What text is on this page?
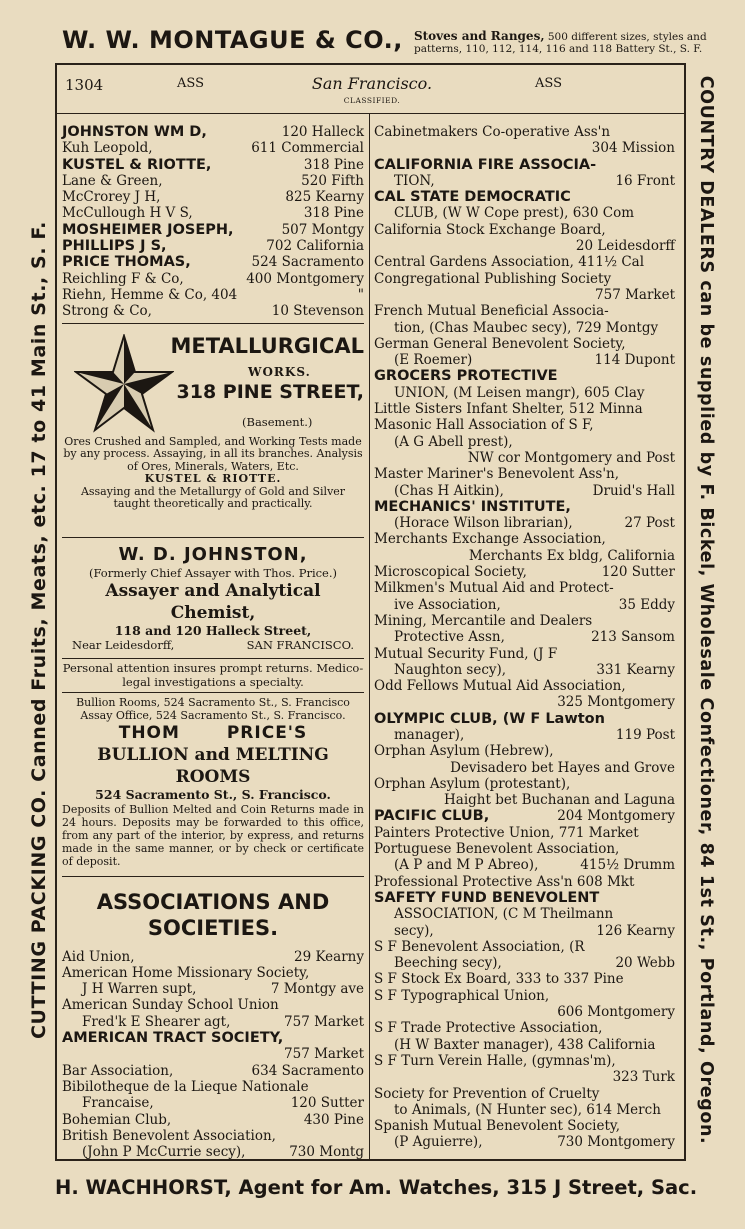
W. W. MONTAGUE & CO., Stoves and Ranges, 500 different sizes, styles and
patterns, 110, 112, 114, 116 and 118 Battery St., S. F.
CUTTING PACKING CO. Canned Fruits, Meats, etc. 17 to 41 Main St., S. F.	COUNTRY DEALERS can be supplied by F. Bickel, Wholesale Confectioner, 84 1st St., Portland, Oregon.
1304	ASS	San Francisco.	ASS
CLASSIFIED.
JOHNSTON WM D,	120 Halleck
Kuh Leopold,	611 Commercial
KUSTEL & RIOTTE,	318 Pine
Lane & Green,	520 Fifth
McCrorey J H,	825 Kearny
McCullough H V S,	318 Pine
MOSHEIMER JOSEPH,	507 Montgy
PHILLIPS J S,	702 California
PRICE THOMAS,	524 Sacramento
Reichling F & Co,	400 Montgomery
Riehn, Hemme & Co, 404	"
Strong & Co,	10 Stevenson
METALLURGICAL
WORKS.
318 PINE STREET,
(Basement.)
Ores Crushed and Sampled, and Working Tests made by any process. Assaying, in all its branches. Analysis of Ores, Minerals, Waters, Etc.
KUSTEL & RIOTTE.
Assaying and the Metallurgy of Gold and Silver taught theoretically and practically.
W. D. JOHNSTON,
(Formerly Chief Assayer with Thos. Price.)
Assayer and Analytical Chemist,
118 and 120 Halleck Street,
Near Leidesdorff,	SAN FRANCISCO.
Personal attention insures prompt returns. Medico-legal investigations a specialty.
Bullion Rooms, 524 Sacramento St., S. Francisco
Assay Office, 524 Sacramento St., S. Francisco.
THOM PRICE'S
BULLION and MELTING ROOMS
524 Sacramento St., S. Francisco.
Deposits of Bullion Melted and Coin Returns made in 24 hours. Deposits may be forwarded to this office, from any part of the interior, by express, and returns made in the same manner, or by check or certificate of deposit.
ASSOCIATIONS AND SOCIETIES.
Aid Union,	29 Kearny
American Home Missionary Society,
J H Warren supt,	7 Montgy ave
American Sunday School Union
Fred'k E Shearer agt,	757 Market
AMERICAN TRACT SOCIETY,
757 Market
Bar Association,	634 Sacramento
Bibilotheque de la Lieque Nationale
Francaise,	120 Sutter
Bohemian Club,	430 Pine
British Benevolent Association,
(John P McCurrie secy),	730 Montg
Cabinetmakers Co-operative Ass'n
304 Mission
CALIFORNIA FIRE ASSOCIA-
TION,	16 Front
CAL STATE DEMOCRATIC
CLUB, (W W Cope prest), 630 Com
California Stock Exchange Board,
20 Leidesdorff
Central Gardens Association, 411½ Cal
Congregational Publishing Society
757 Market
French Mutual Beneficial Associa-
tion, (Chas Maubec secy), 729 Montgy
German General Benevolent Society,
(E Roemer)	114 Dupont
GROCERS PROTECTIVE
UNION, (M Leisen mangr), 605 Clay
Little Sisters Infant Shelter, 512 Minna
Masonic Hall Association of S F,
(A G Abell prest),
NW cor Montgomery and Post
Master Mariner's Benevolent Ass'n,
(Chas H Aitkin),	Druid's Hall
MECHANICS' INSTITUTE,
(Horace Wilson librarian),	27 Post
Merchants Exchange Association,
Merchants Ex bldg, California
Microscopical Society,	120 Sutter
Milkmen's Mutual Aid and Protect-
ive Association,	35 Eddy
Mining, Mercantile and Dealers
Protective Assn,	213 Sansom
Mutual Security Fund, (J F
Naughton secy),	331 Kearny
Odd Fellows Mutual Aid Association,
325 Montgomery
OLYMPIC CLUB, (W F Lawton
manager),	119 Post
Orphan Asylum (Hebrew),
Devisadero bet Hayes and Grove
Orphan Asylum (protestant),
Haight bet Buchanan and Laguna
PACIFIC CLUB,	204 Montgomery
Painters Protective Union, 771 Market
Portuguese Benevolent Association,
(A P and M P Abreo),	415½ Drumm
Professional Protective Ass'n 608 Mkt
SAFETY FUND BENEVOLENT
ASSOCIATION, (C M Theilmann
secy),	126 Kearny
S F Benevolent Association, (R
Beeching secy),	20 Webb
S F Stock Ex Board, 333 to 337 Pine
S F Typographical Union,
606 Montgomery
S F Trade Protective Association,
(H W Baxter manager), 438 California
S F Turn Verein Halle, (gymnas'm),
323 Turk
Society for Prevention of Cruelty
to Animals, (N Hunter sec), 614 Merch
Spanish Mutual Benevolent Society,
(P Aguierre),	730 Montgomery
H. WACHHORST, Agent for Am. Watches, 315 J Street, Sac.
